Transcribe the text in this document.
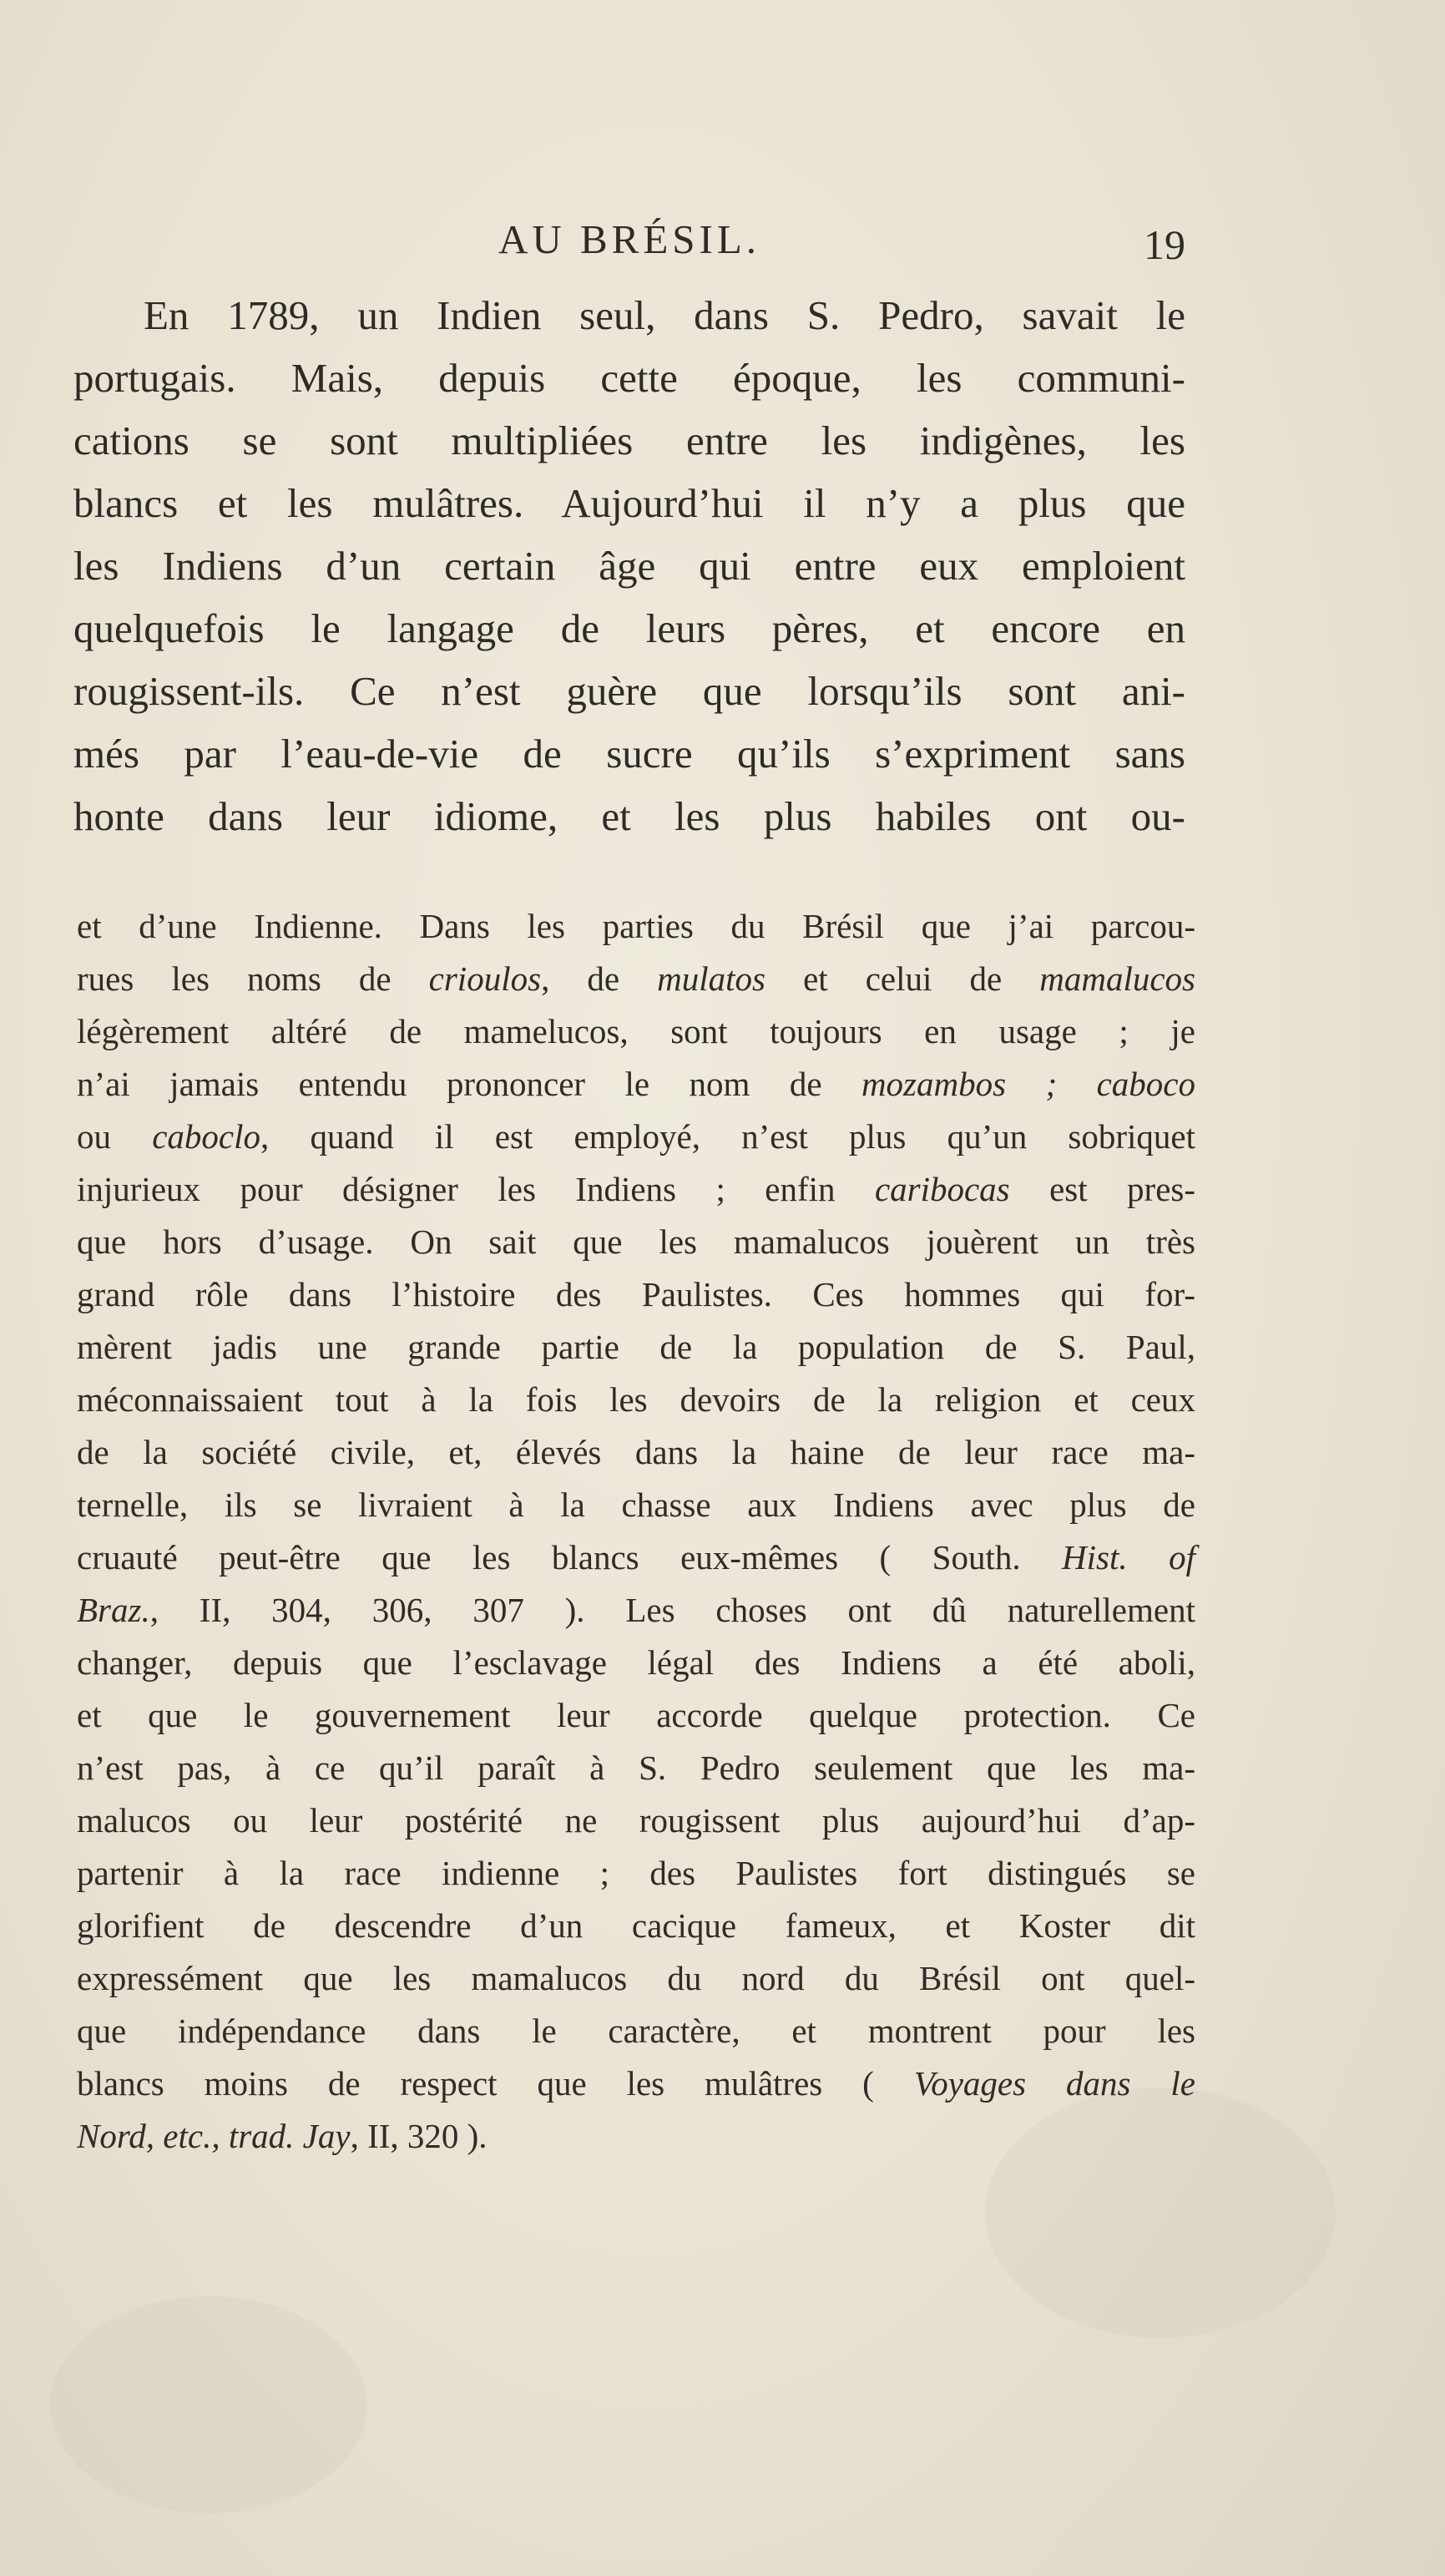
AU BRÉSIL.	19
En 1789, un Indien seul, dans S. Pedro, savait le
portugais. Mais, depuis cette époque, les communi-
cations se sont multipliées entre les indigènes, les
blancs et les mulâtres. Aujourd’hui il n’y a plus que
les Indiens d’un certain âge qui entre eux emploient
quelquefois le langage de leurs pères, et encore en
rougissent-ils. Ce n’est guère que lorsqu’ils sont ani-
més par l’eau-de-vie de sucre qu’ils s’expriment sans
honte dans leur idiome, et les plus habiles ont ou-
et d’une Indienne. Dans les parties du Brésil que j’ai parcou-
rues les noms de crioulos, de mulatos et celui de mamalucos
légèrement altéré de mamelucos, sont toujours en usage ; je
n’ai jamais entendu prononcer le nom de mozambos ; caboco
ou caboclo, quand il est employé, n’est plus qu’un sobriquet
injurieux pour désigner les Indiens ; enfin caribocas est pres-
que hors d’usage. On sait que les mamalucos jouèrent un très
grand rôle dans l’histoire des Paulistes. Ces hommes qui for-
mèrent jadis une grande partie de la population de S. Paul,
méconnaissaient tout à la fois les devoirs de la religion et ceux
de la société civile, et, élevés dans la haine de leur race ma-
ternelle, ils se livraient à la chasse aux Indiens avec plus de
cruauté peut-être que les blancs eux-mêmes ( South. Hist. of
Braz., II, 304, 306, 307 ). Les choses ont dû naturellement
changer, depuis que l’esclavage légal des Indiens a été aboli,
et que le gouvernement leur accorde quelque protection. Ce
n’est pas, à ce qu’il paraît à S. Pedro seulement que les ma-
malucos ou leur postérité ne rougissent plus aujourd’hui d’ap-
partenir à la race indienne ; des Paulistes fort distingués se
glorifient de descendre d’un cacique fameux, et Koster dit
expressément que les mamalucos du nord du Brésil ont quel-
que indépendance dans le caractère, et montrent pour les
blancs moins de respect que les mulâtres ( Voyages dans le
Nord, etc., trad. Jay, II, 320 ).
